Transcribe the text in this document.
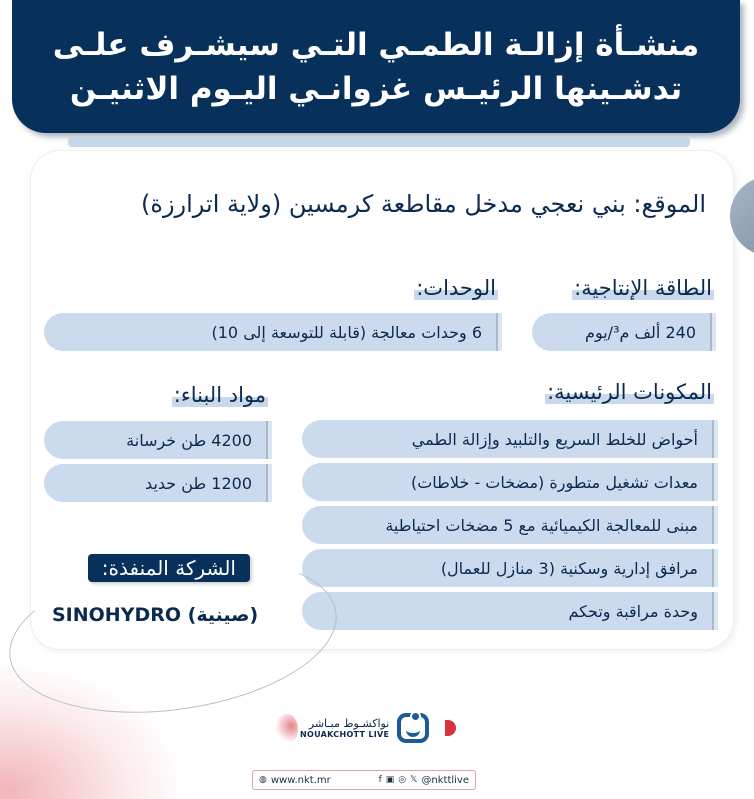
منشـأة إزالـة الطمـي التـي سيشـرف علـى
تدشـينها الرئيـس غزوانـي اليـوم الاثنيـن
الموقع: بني نعجي مدخل مقاطعة كرمسين (ولاية اترارزة)
الطاقة الإنتاجية:
240 ألف م³/يوم
الوحدات:
6 وحدات معالجة (قابلة للتوسعة إلى 10)
المكونات الرئيسية:
أحواض للخلط السريع والتلبيد وإزالة الطمي
معدات تشغيل متطورة (مضخات - خلاطات)
مبنى للمعالجة الكيميائية مع 5 مضخات احتياطية
مرافق إدارية وسكنية (3 منازل للعمال)
وحدة مراقبة وتحكم
مواد البناء:
4200 طن خرسانة
1200 طن حديد
الشركة المنفذة:
SINOHYDRO (صينية)
نواكشـوط مبـاشر
NOUAKCHOTT LIVE
◍ www.nkt.mr	f ▣ ◎ 𝕏 @nkttlive
